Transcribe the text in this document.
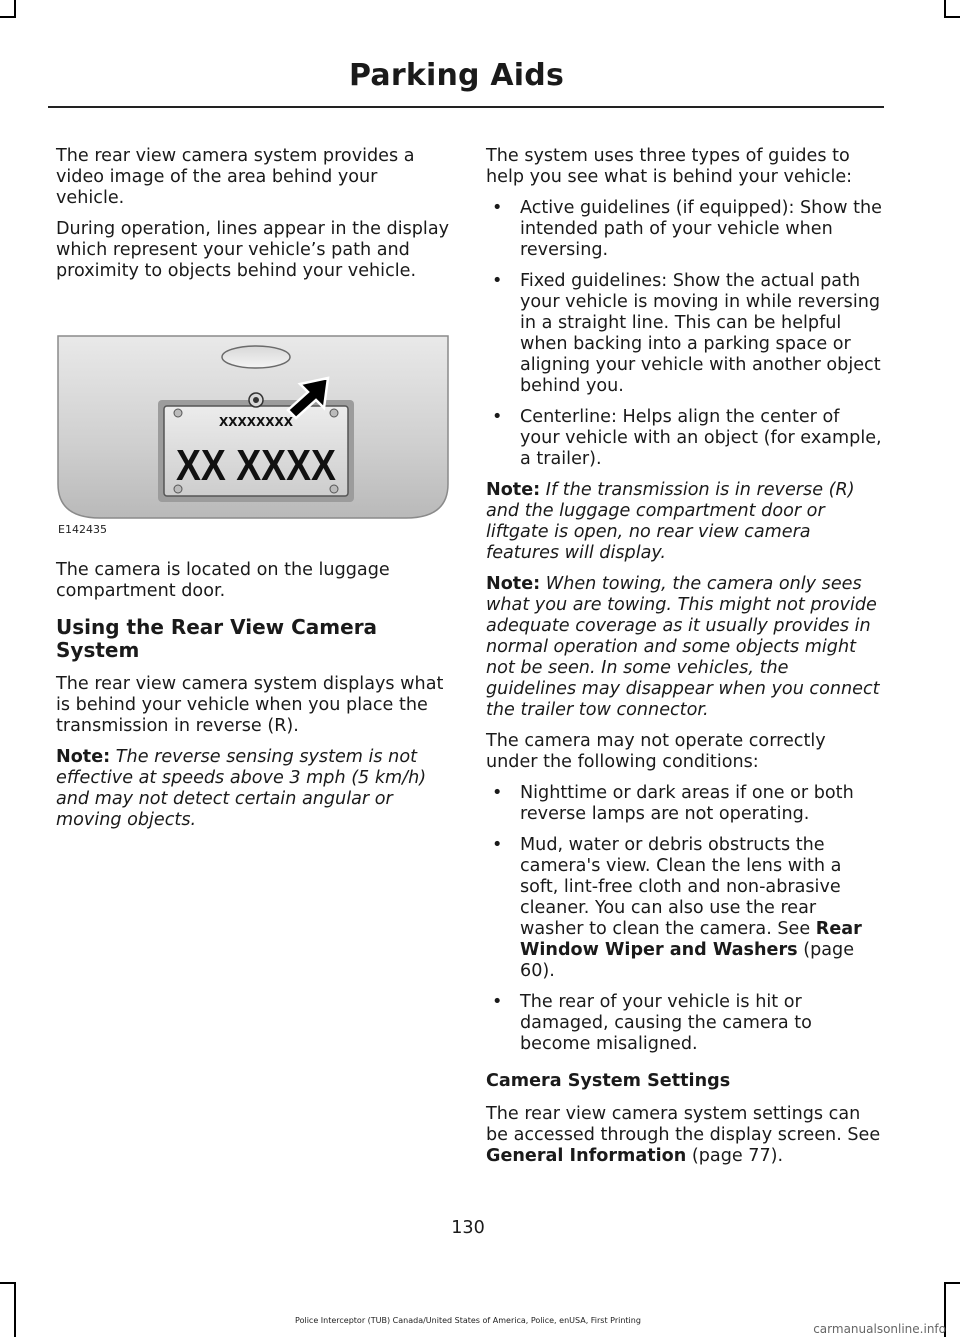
Parking Aids

The rear view camera system provides a video image of the area behind your vehicle.

During operation, lines appear in the display which represent your vehicle’s path and proximity to objects behind your vehicle.

XXXXXXXX
XX XXXX
E142435

The camera is located on the luggage compartment door.

Using the Rear View Camera System

The rear view camera system displays what is behind your vehicle when you place the transmission in reverse (R).

Note: The reverse sensing system is not effective at speeds above 3 mph (5 km/h) and may not detect certain angular or moving objects.

The system uses three types of guides to help you see what is behind your vehicle:

• Active guidelines (if equipped): Show the intended path of your vehicle when reversing.
• Fixed guidelines: Show the actual path your vehicle is moving in while reversing in a straight line. This can be helpful when backing into a parking space or aligning your vehicle with another object behind you.
• Centerline: Helps align the center of your vehicle with an object (for example, a trailer).

Note: If the transmission is in reverse (R) and the luggage compartment door or liftgate is open, no rear view camera features will display.

Note: When towing, the camera only sees what you are towing. This might not provide adequate coverage as it usually provides in normal operation and some objects might not be seen. In some vehicles, the guidelines may disappear when you connect the trailer tow connector.

The camera may not operate correctly under the following conditions:

• Nighttime or dark areas if one or both reverse lamps are not operating.
• Mud, water or debris obstructs the camera's view. Clean the lens with a soft, lint-free cloth and non-abrasive cleaner. You can also use the rear washer to clean the camera. See Rear Window Wiper and Washers (page 60).
• The rear of your vehicle is hit or damaged, causing the camera to become misaligned.
Camera System Settings

The rear view camera system settings can be accessed through the display screen. See General Information (page 77).

130
Police Interceptor (TUB) Canada/United States of America, Police, enUSA, First Printing
carmanualsonline.info
